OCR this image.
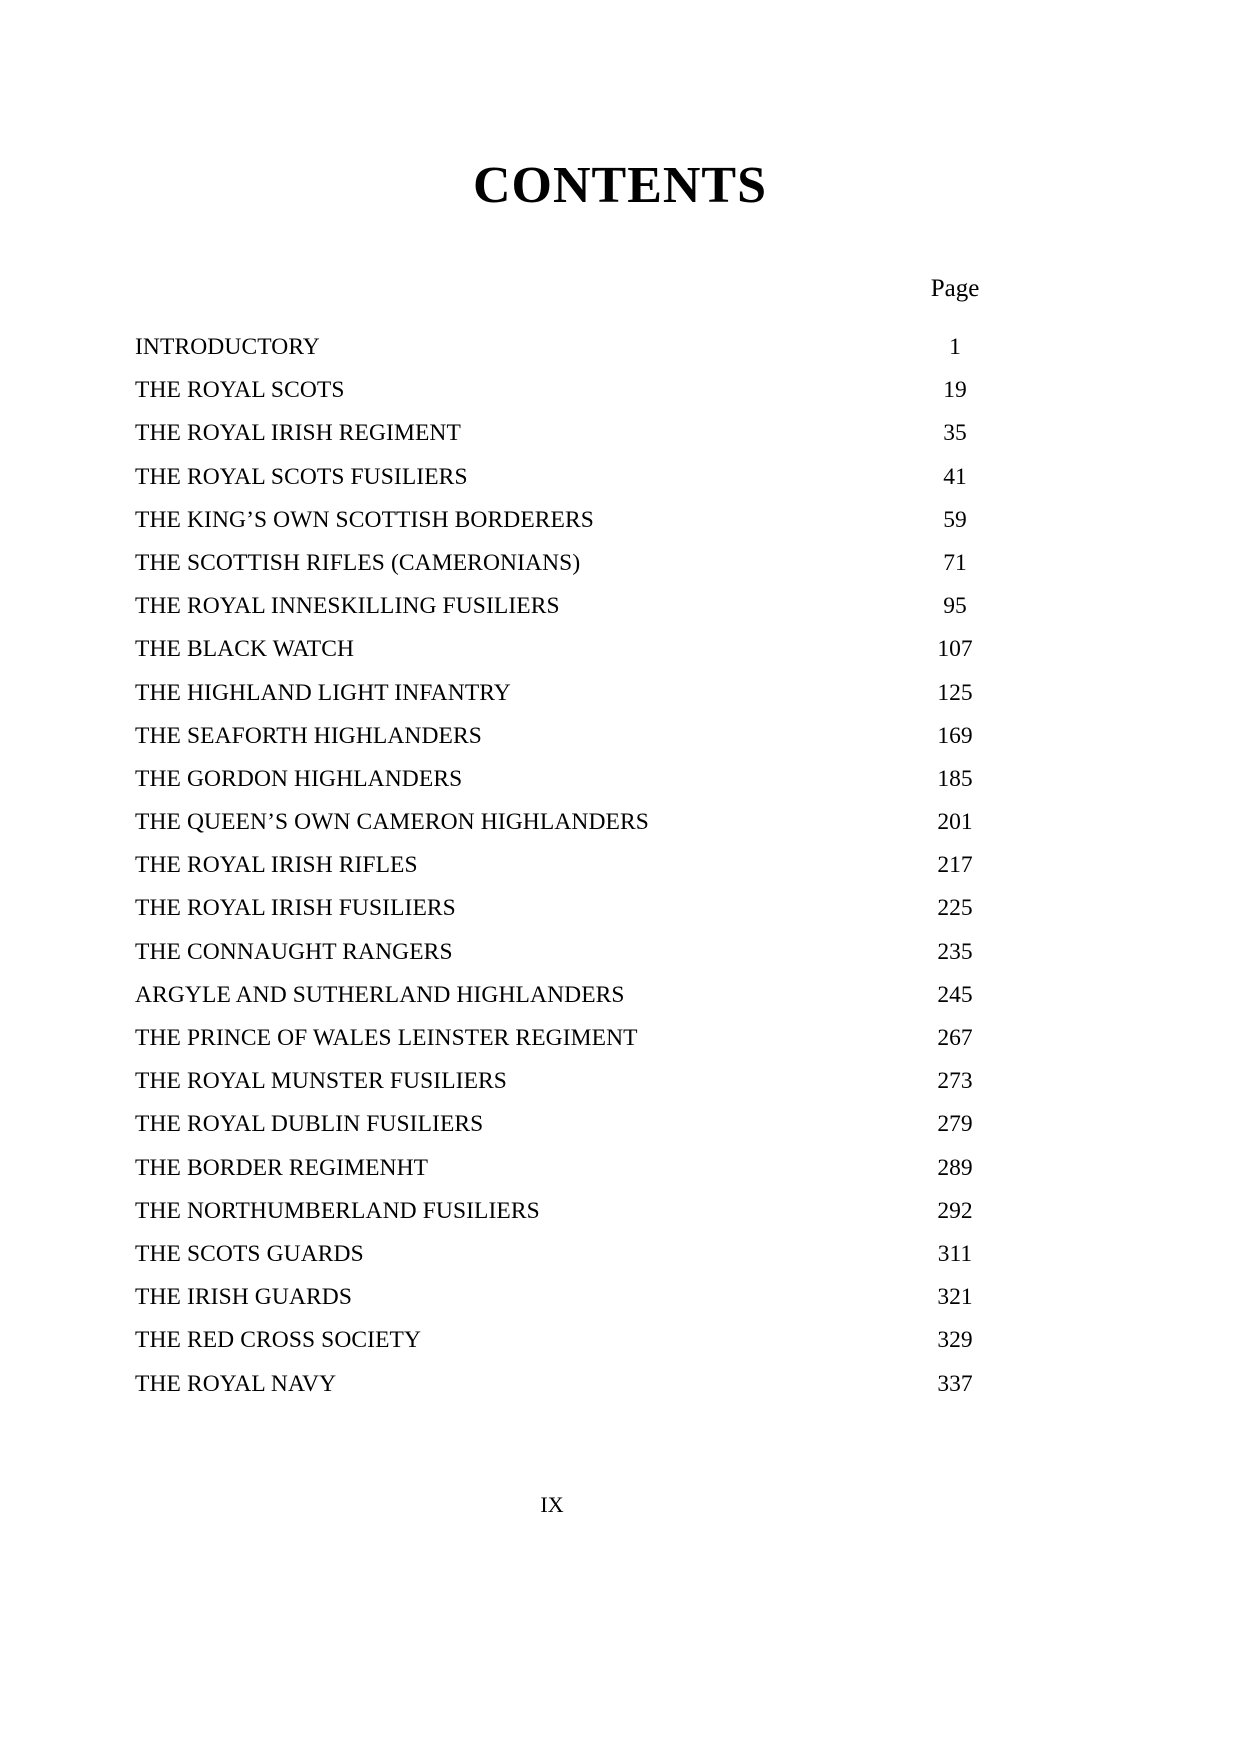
CONTENTS
Page
INTRODUCTORY	1
THE ROYAL SCOTS	19
THE ROYAL IRISH REGIMENT	35
THE ROYAL SCOTS FUSILIERS	41
THE KING’S OWN SCOTTISH BORDERERS	59
THE SCOTTISH RIFLES (CAMERONIANS)	71
THE ROYAL INNESKILLING FUSILIERS	95
THE BLACK WATCH	107
THE HIGHLAND LIGHT INFANTRY	125
THE SEAFORTH HIGHLANDERS	169
THE GORDON HIGHLANDERS	185
THE QUEEN’S OWN CAMERON HIGHLANDERS	201
THE ROYAL IRISH RIFLES	217
THE ROYAL IRISH FUSILIERS	225
THE CONNAUGHT RANGERS	235
ARGYLE AND SUTHERLAND HIGHLANDERS	245
THE PRINCE OF WALES LEINSTER REGIMENT	267
THE ROYAL MUNSTER FUSILIERS	273
THE ROYAL DUBLIN FUSILIERS	279
THE BORDER REGIMENHT	289
THE NORTHUMBERLAND FUSILIERS	292
THE SCOTS GUARDS	311
THE IRISH GUARDS	321
THE RED CROSS SOCIETY	329
THE ROYAL NAVY	337
IX
